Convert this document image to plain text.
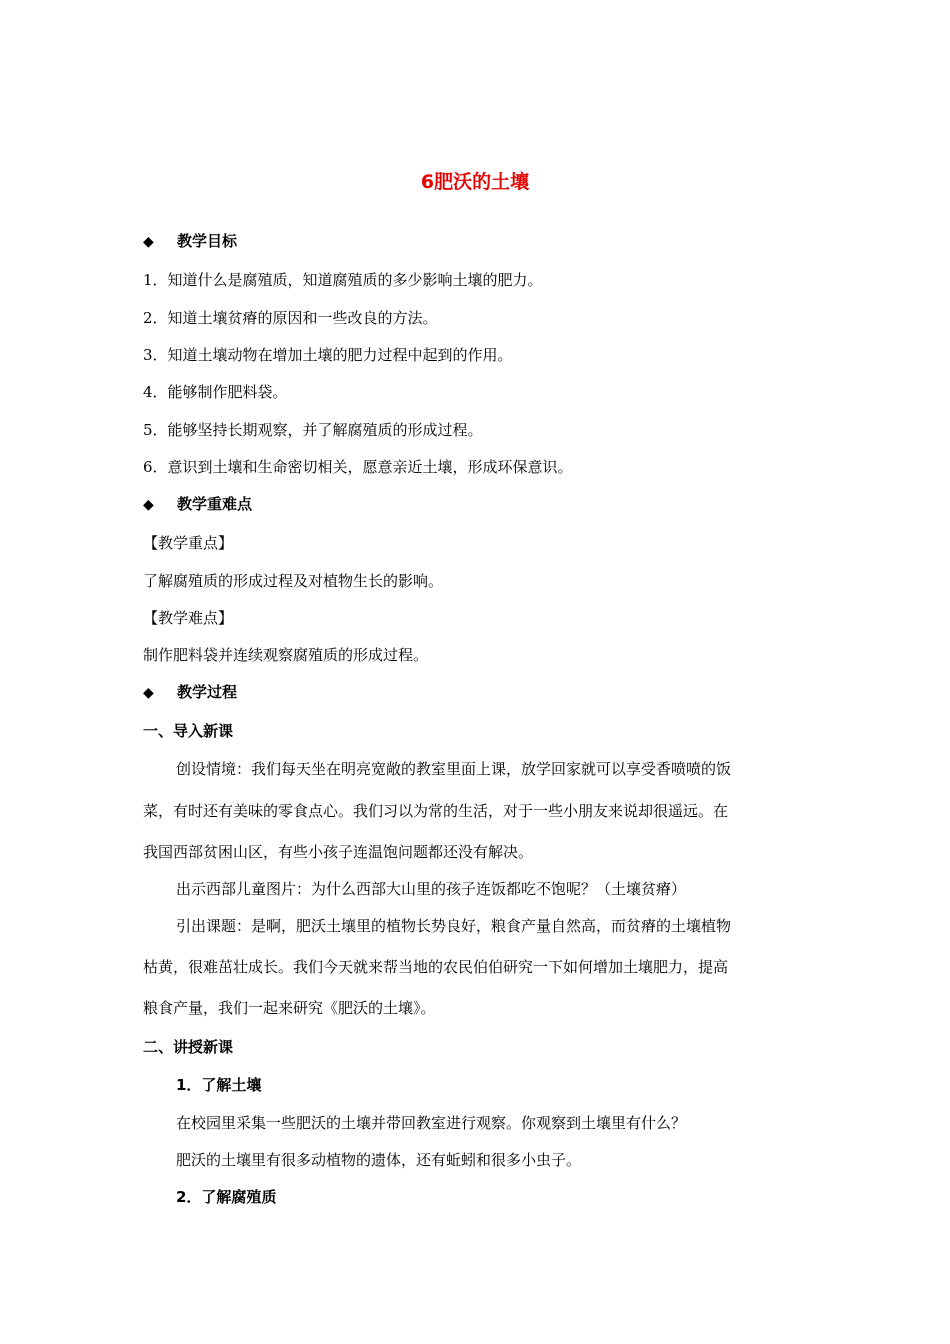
6肥沃的土壤
◆ 教学目标
1．知道什么是腐殖质，知道腐殖质的多少影响土壤的肥力。
2．知道土壤贫瘠的原因和一些改良的方法。
3．知道土壤动物在增加土壤的肥力过程中起到的作用。
4．能够制作肥料袋。
5．能够坚持长期观察，并了解腐殖质的形成过程。
6．意识到土壤和生命密切相关，愿意亲近土壤，形成环保意识。
◆ 教学重难点
【教学重点】
了解腐殖质的形成过程及对植物生长的影响。
【教学难点】
制作肥料袋并连续观察腐殖质的形成过程。
◆ 教学过程
一、导入新课
创设情境：我们每天坐在明亮宽敞的教室里面上课，放学回家就可以享受香喷喷的饭
菜，有时还有美味的零食点心。我们习以为常的生活，对于一些小朋友来说却很遥远。在
我国西部贫困山区，有些小孩子连温饱问题都还没有解决。
出示西部儿童图片：为什么西部大山里的孩子连饭都吃不饱呢？（土壤贫瘠）
引出课题：是啊，肥沃土壤里的植物长势良好，粮食产量自然高，而贫瘠的土壤植物
枯黄，很难茁壮成长。我们今天就来帮当地的农民伯伯研究一下如何增加土壤肥力，提高
粮食产量，我们一起来研究《肥沃的土壤》。
二、讲授新课
1．了解土壤
在校园里采集一些肥沃的土壤并带回教室进行观察。你观察到土壤里有什么？
肥沃的土壤里有很多动植物的遗体，还有蚯蚓和很多小虫子。
2．了解腐殖质
